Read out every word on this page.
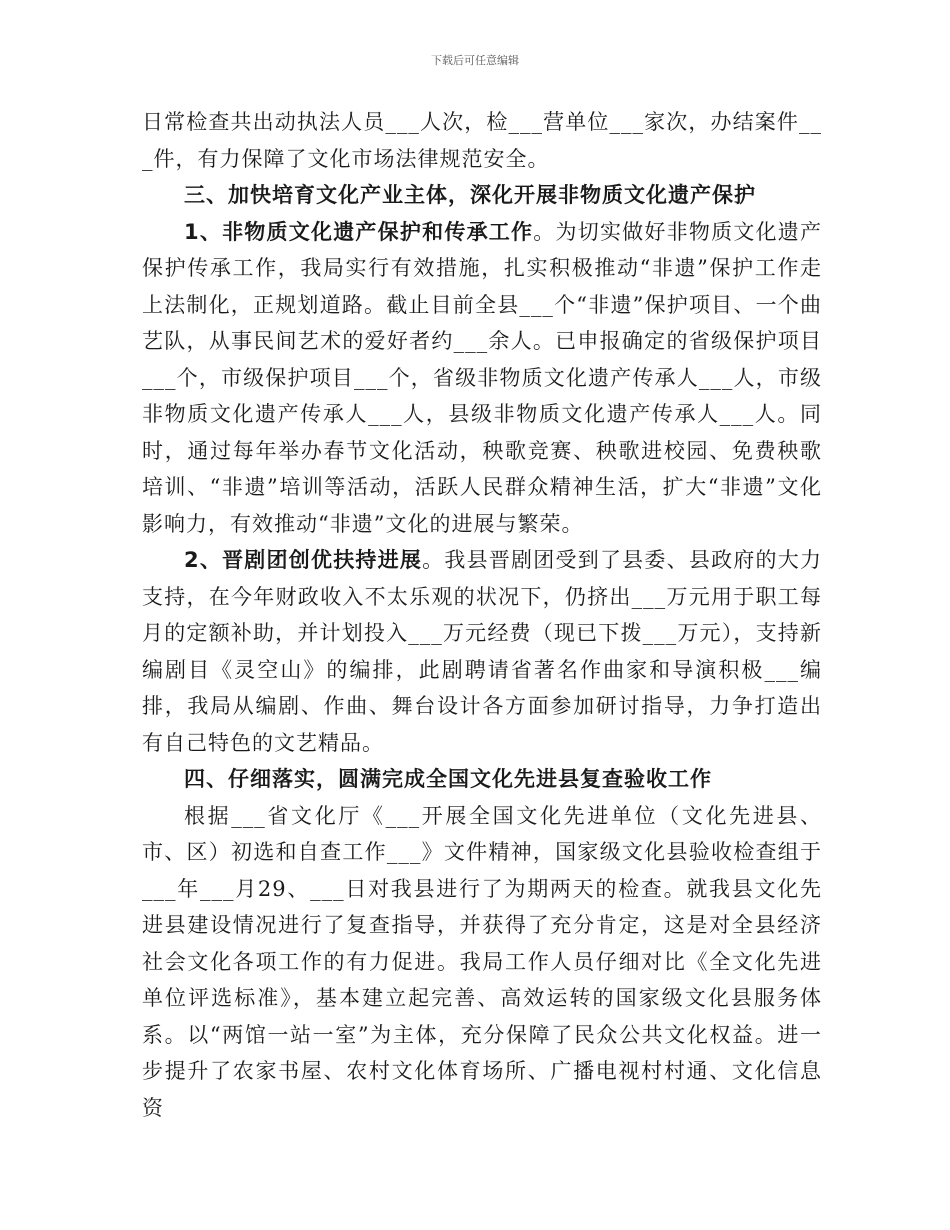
下载后可任意编辑

日常检查共出动执法人员___人次，检___营单位___家次，办结案件___件，有力保障了文化市场法律规范安全。

三、加快培育文化产业主体，深化开展非物质文化遗产保护

1、非物质文化遗产保护和传承工作。为切实做好非物质文化遗产保护传承工作，我局实行有效措施，扎实积极推动“非遗”保护工作走上法制化，正规划道路。截止目前全县___个“非遗”保护项目、一个曲艺队，从事民间艺术的爱好者约___余人。已申报确定的省级保护项目___个，市级保护项目___个，省级非物质文化遗产传承人___人，市级非物质文化遗产传承人___人，县级非物质文化遗产传承人___人。同时，通过每年举办春节文化活动，秧歌竞赛、秧歌进校园、免费秧歌培训、“非遗”培训等活动，活跃人民群众精神生活，扩大“非遗”文化影响力，有效推动“非遗”文化的进展与繁荣。

2、晋剧团创优扶持进展。我县晋剧团受到了县委、县政府的大力支持，在今年财政收入不太乐观的状况下，仍挤出___万元用于职工每月的定额补助，并计划投入___万元经费（现已下拨___万元），支持新编剧目《灵空山》的编排，此剧聘请省著名作曲家和导演积极___编排，我局从编剧、作曲、舞台设计各方面参加研讨指导，力争打造出有自己特色的文艺精品。

四、仔细落实，圆满完成全国文化先进县复查验收工作

根据___省文化厅《___开展全国文化先进单位（文化先进县、市、区）初选和自查工作___》文件精神，国家级文化县验收检查组于___年___月29、___日对我县进行了为期两天的检查。就我县文化先进县建设情况进行了复查指导，并获得了充分肯定，这是对全县经济社会文化各项工作的有力促进。我局工作人员仔细对比《全文化先进单位评选标准》，基本建立起完善、高效运转的国家级文化县服务体系。以“两馆一站一室”为主体，充分保障了民众公共文化权益。进一步提升了农家书屋、农村文化体育场所、广播电视村村通、文化信息资
